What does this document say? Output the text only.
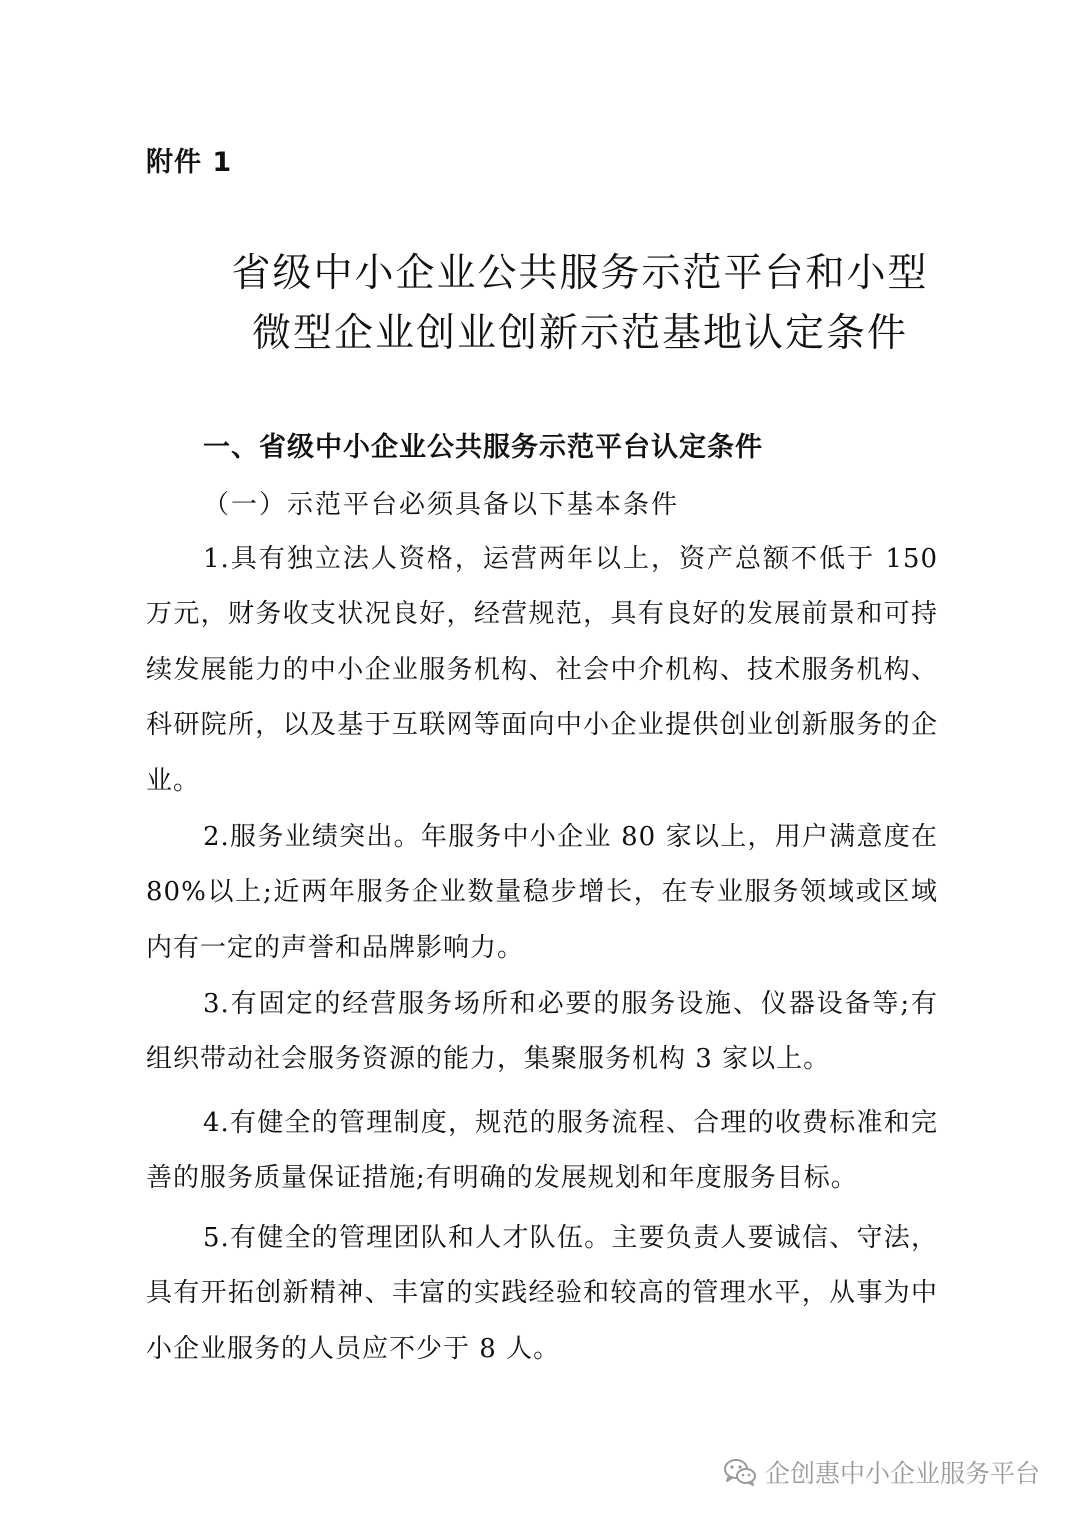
附件 1
省级中小企业公共服务示范平台和小型
微型企业创业创新示范基地认定条件
一、省级中小企业公共服务示范平台认定条件
（一）示范平台必须具备以下基本条件
1.具有独立法人资格，运营两年以上，资产总额不低于 150 万元，财务收支状况良好，经营规范，具有良好的发展前景和可持续发展能力的中小企业服务机构、社会中介机构、技术服务机构、科研院所，以及基于互联网等面向中小企业提供创业创新服务的企业。
2.服务业绩突出。年服务中小企业 80 家以上，用户满意度在 80%以上;近两年服务企业数量稳步增长，在专业服务领域或区域内有一定的声誉和品牌影响力。
3.有固定的经营服务场所和必要的服务设施、仪器设备等;有组织带动社会服务资源的能力，集聚服务机构 3 家以上。
4.有健全的管理制度，规范的服务流程、合理的收费标准和完善的服务质量保证措施;有明确的发展规划和年度服务目标。
5.有健全的管理团队和人才队伍。主要负责人要诚信、守法，具有开拓创新精神、丰富的实践经验和较高的管理水平，从事为中小企业服务的人员应不少于 8 人。
企创惠中小企业服务平台
